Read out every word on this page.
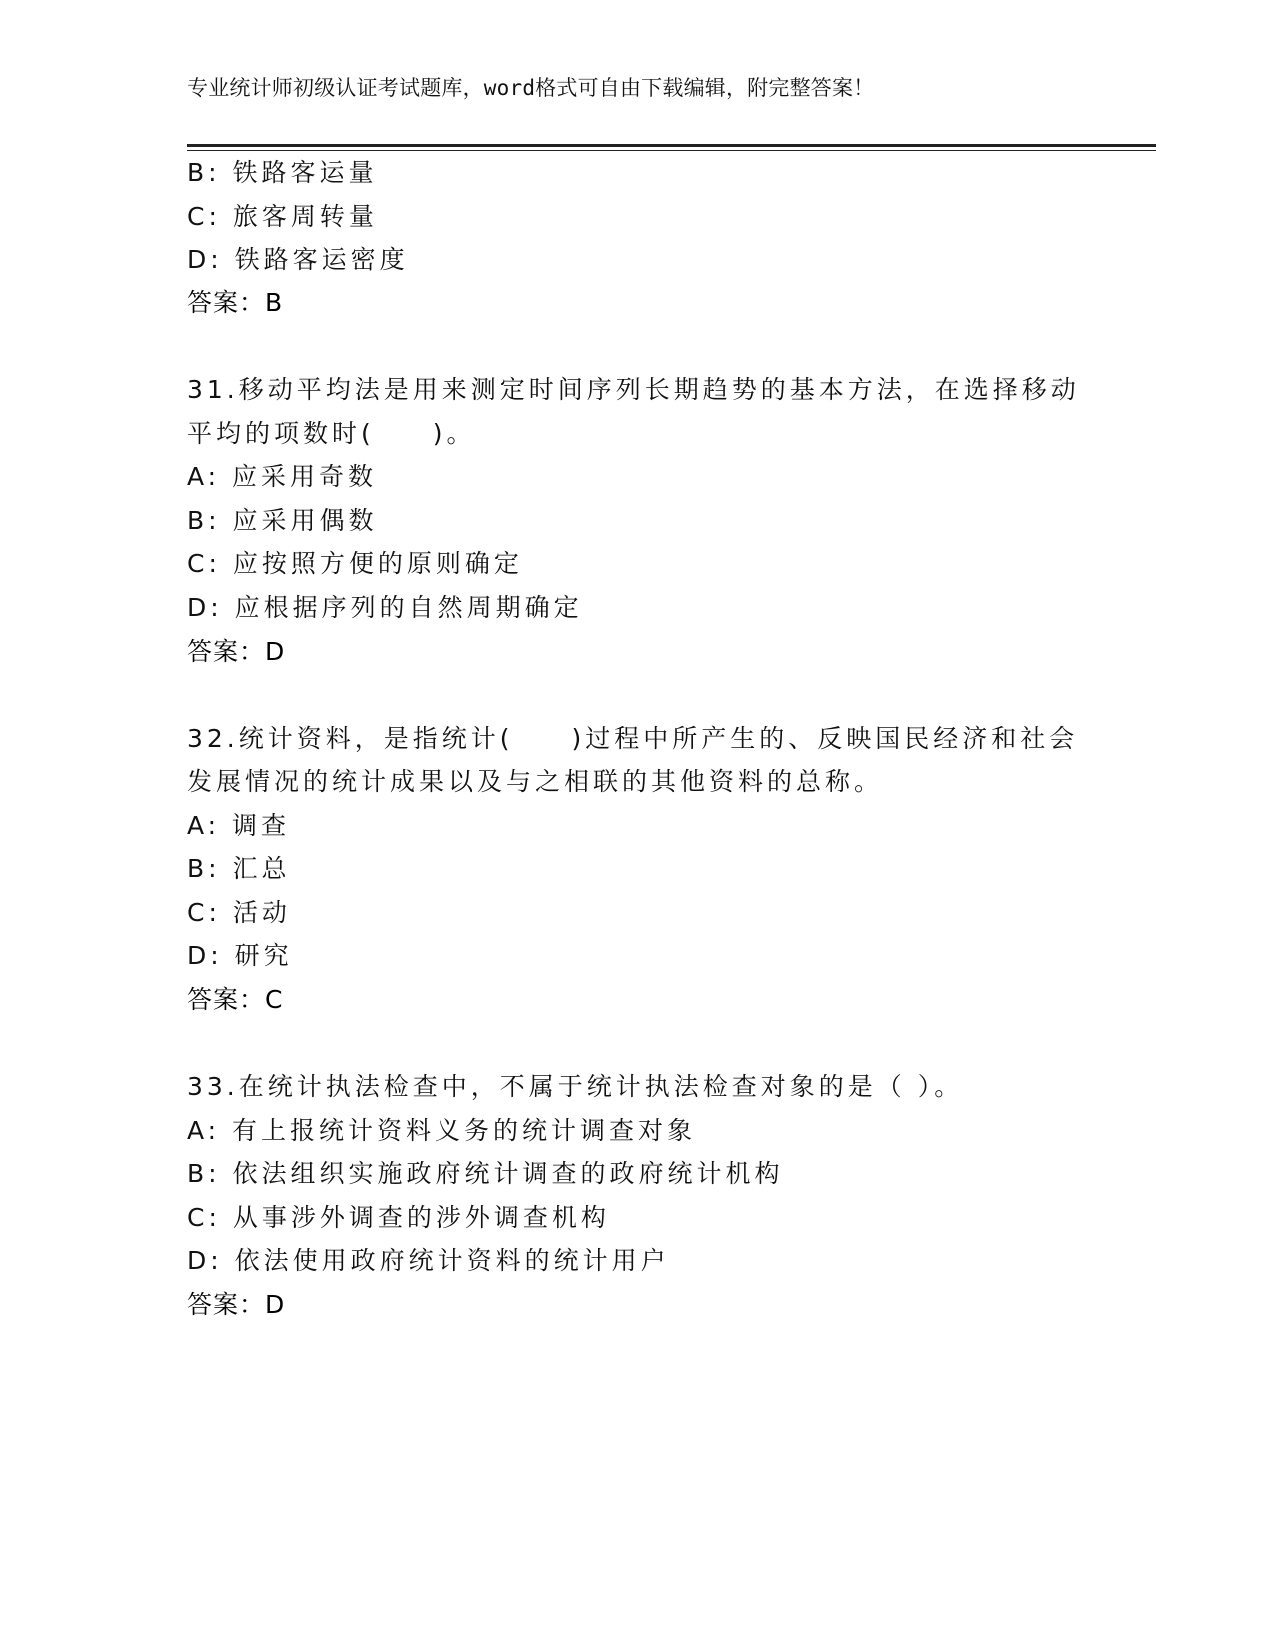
专业统计师初级认证考试题库，word格式可自由下载编辑，附完整答案！
B: 铁路客运量
C: 旅客周转量
D: 铁路客运密度
答案：B
31.移动平均法是用来测定时间序列长期趋势的基本方法，在选择移动
平均的项数时(　　)。
A: 应采用奇数
B: 应采用偶数
C: 应按照方便的原则确定
D: 应根据序列的自然周期确定
答案：D
32.统计资料，是指统计(　　)过程中所产生的、反映国民经济和社会
发展情况的统计成果以及与之相联的其他资料的总称。
A: 调查
B: 汇总
C: 活动
D: 研究
答案：C
33.在统计执法检查中，不属于统计执法检查对象的是（ ）。
A: 有上报统计资料义务的统计调查对象
B: 依法组织实施政府统计调查的政府统计机构
C: 从事涉外调查的涉外调查机构
D: 依法使用政府统计资料的统计用户
答案：D
